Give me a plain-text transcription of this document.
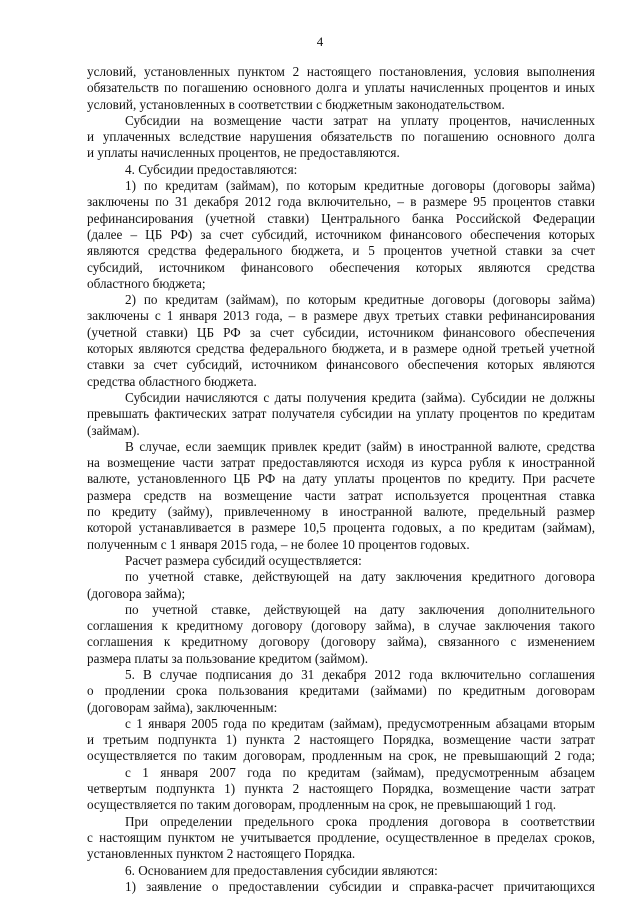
4
условий, установленных пунктом 2 настоящего постановления, условия выполнения
обязательств по погашению основного долга и уплаты начисленных процентов и иных
условий, установленных в соответствии с бюджетным законодательством.
Субсидии на возмещение части затрат на уплату процентов, начисленных
и уплаченных вследствие нарушения обязательств по погашению основного долга
и уплаты начисленных процентов, не предоставляются.
4. Субсидии предоставляются:
1) по кредитам (займам), по которым кредитные договоры (договоры займа)
заключены по 31 декабря 2012 года включительно, – в размере 95 процентов ставки
рефинансирования (учетной ставки) Центрального банка Российской Федерации
(далее – ЦБ РФ) за счет субсидий, источником финансового обеспечения которых
являются средства федерального бюджета, и 5 процентов учетной ставки за счет
субсидий, источником финансового обеспечения которых являются средства
областного бюджета;
2) по кредитам (займам), по которым кредитные договоры (договоры займа)
заключены с 1 января 2013 года, – в размере двух третьих ставки рефинансирования
(учетной ставки) ЦБ РФ за счет субсидии, источником финансового обеспечения
которых являются средства федерального бюджета, и в размере одной третьей учетной
ставки за счет субсидий, источником финансового обеспечения которых являются
средства областного бюджета.
Субсидии начисляются с даты получения кредита (займа). Субсидии не должны
превышать фактических затрат получателя субсидии на уплату процентов по кредитам
(займам).
В случае, если заемщик привлек кредит (займ) в иностранной валюте, средства
на возмещение части затрат предоставляются исходя из курса рубля к иностранной
валюте, установленного ЦБ РФ на дату уплаты процентов по кредиту. При расчете
размера средств на возмещение части затрат используется процентная ставка
по кредиту (займу), привлеченному в иностранной валюте, предельный размер
которой устанавливается в размере 10,5 процента годовых, а по кредитам (займам),
полученным с 1 января 2015 года, – не более 10 процентов годовых.
Расчет размера субсидий осуществляется:
по учетной ставке, действующей на дату заключения кредитного договора
(договора займа);
по учетной ставке, действующей на дату заключения дополнительного
соглашения к кредитному договору (договору займа), в случае заключения такого
соглашения к кредитному договору (договору займа), связанного с изменением
размера платы за пользование кредитом (займом).
5. В случае подписания до 31 декабря 2012 года включительно соглашения
о продлении срока пользования кредитами (займами) по кредитным договорам
(договорам займа), заключенным:
с 1 января 2005 года по кредитам (займам), предусмотренным абзацами вторым
и третьим подпункта 1) пункта 2 настоящего Порядка, возмещение части затрат
осуществляется по таким договорам, продленным на срок, не превышающий 2 года;
с 1 января 2007 года по кредитам (займам), предусмотренным абзацем
четвертым подпункта 1) пункта 2 настоящего Порядка, возмещение части затрат
осуществляется по таким договорам, продленным на срок, не превышающий 1 год.
При определении предельного срока продления договора в соответствии
с настоящим пунктом не учитывается продление, осуществленное в пределах сроков,
установленных пунктом 2 настоящего Порядка.
6. Основанием для предоставления субсидии являются:
1) заявление о предоставлении субсидии и справка-расчет причитающихся
